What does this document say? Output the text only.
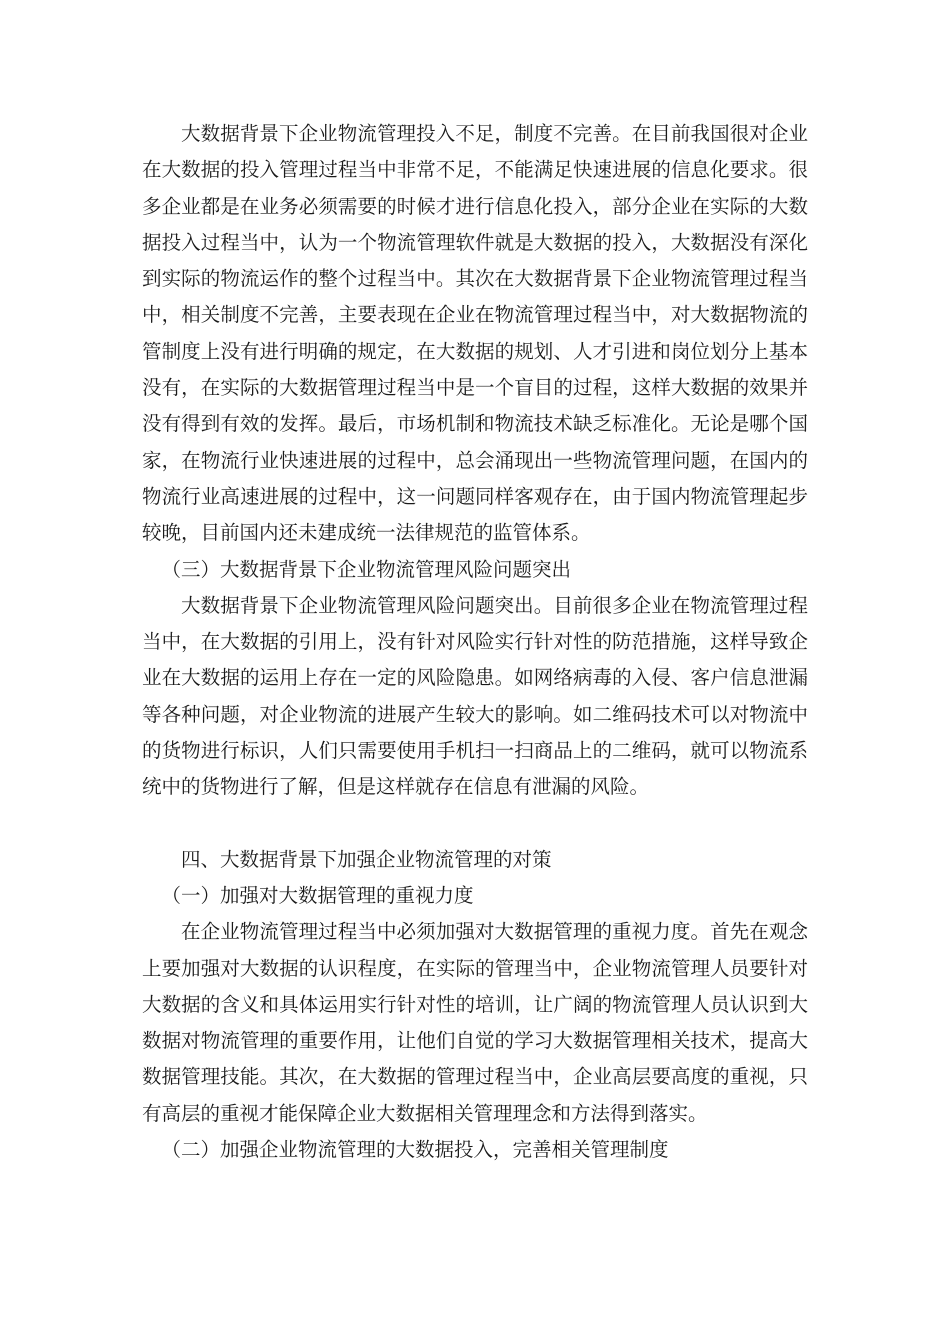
大数据背景下企业物流管理投入不足，制度不完善。在目前我国很对企业在大数据的投入管理过程当中非常不足，不能满足快速进展的信息化要求。很多企业都是在业务必须需要的时候才进行信息化投入，部分企业在实际的大数据投入过程当中，认为一个物流管理软件就是大数据的投入，大数据没有深化到实际的物流运作的整个过程当中。其次在大数据背景下企业物流管理过程当中，相关制度不完善，主要表现在企业在物流管理过程当中，对大数据物流的管制度上没有进行明确的规定，在大数据的规划、人才引进和岗位划分上基本没有，在实际的大数据管理过程当中是一个盲目的过程，这样大数据的效果并没有得到有效的发挥。最后，市场机制和物流技术缺乏标准化。无论是哪个国家，在物流行业快速进展的过程中，总会涌现出一些物流管理问题，在国内的物流行业高速进展的过程中，这一问题同样客观存在，由于国内物流管理起步较晚，目前国内还未建成统一法律规范的监管体系。

（三）大数据背景下企业物流管理风险问题突出

大数据背景下企业物流管理风险问题突出。目前很多企业在物流管理过程当中，在大数据的引用上，没有针对风险实行针对性的防范措施，这样导致企业在大数据的运用上存在一定的风险隐患。如网络病毒的入侵、客户信息泄漏等各种问题，对企业物流的进展产生较大的影响。如二维码技术可以对物流中的货物进行标识，人们只需要使用手机扫一扫商品上的二维码，就可以物流系统中的货物进行了解，但是这样就存在信息有泄漏的风险。

四、大数据背景下加强企业物流管理的对策

（一）加强对大数据管理的重视力度

在企业物流管理过程当中必须加强对大数据管理的重视力度。首先在观念上要加强对大数据的认识程度，在实际的管理当中，企业物流管理人员要针对大数据的含义和具体运用实行针对性的培训，让广阔的物流管理人员认识到大数据对物流管理的重要作用，让他们自觉的学习大数据管理相关技术，提高大数据管理技能。其次，在大数据的管理过程当中，企业高层要高度的重视，只有高层的重视才能保障企业大数据相关管理理念和方法得到落实。

（二）加强企业物流管理的大数据投入，完善相关管理制度
